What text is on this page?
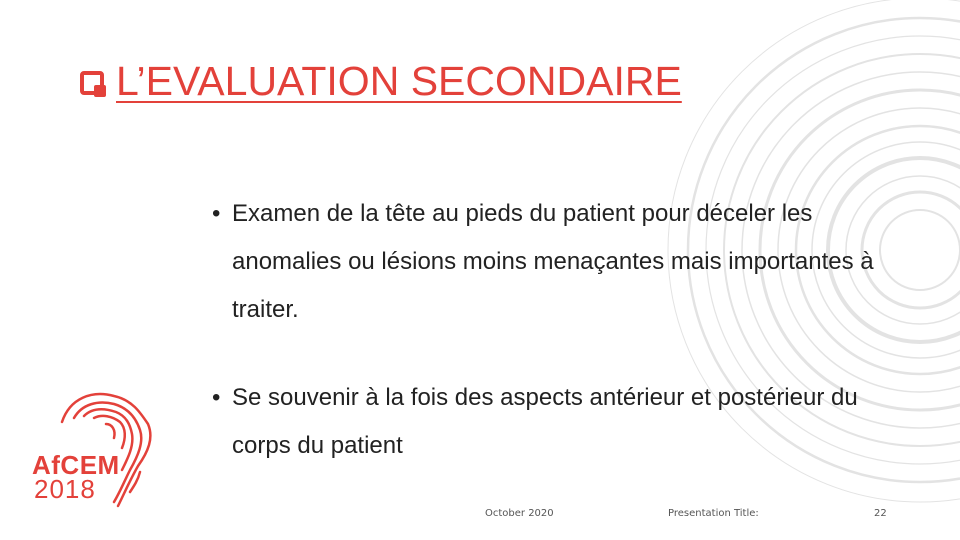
L’EVALUATION SECONDAIRE
• Examen de la tête au pieds du patient pour déceler les anomalies ou lésions moins menaçantes mais importantes à traiter.
• Se souvenir à la fois des aspects antérieur et postérieur du corps du patient
AfCEM
2018
October 2020	Presentation Title:	22
